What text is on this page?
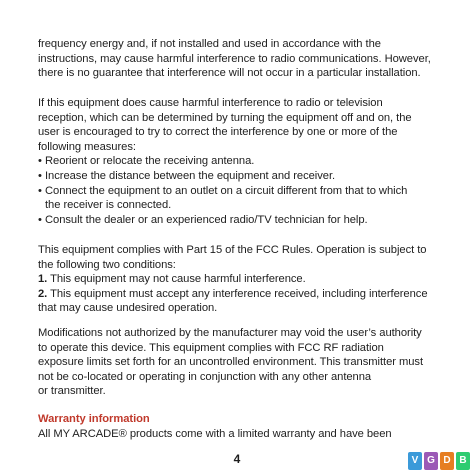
frequency energy and, if not installed and used in accordance with the
instructions, may cause harmful interference to radio communications. However,
there is no guarantee that interference will not occur in a particular installation.
If this equipment does cause harmful interference to radio or television
reception, which can be determined by turning the equipment off and on, the
user is encouraged to try to correct the interference by one or more of the
following measures:
• Reorient or relocate the receiving antenna.
• Increase the distance between the equipment and receiver.
• Connect the equipment to an outlet on a circuit different from that to which
the receiver is connected.
• Consult the dealer or an experienced radio/TV technician for help.
This equipment complies with Part 15 of the FCC Rules. Operation is subject to
the following two conditions:
1. This equipment may not cause harmful interference.
2. This equipment must accept any interference received, including interference
that may cause undesired operation.
Modifications not authorized by the manufacturer may void the user’s authority
to operate this device. This equipment complies with FCC RF radiation
exposure limits set forth for an uncontrolled environment. This transmitter must
not be co-located or operating in conjunction with any other antenna
or transmitter.
Warranty information
All MY ARCADE® products come with a limited warranty and have been
4	V G D B
